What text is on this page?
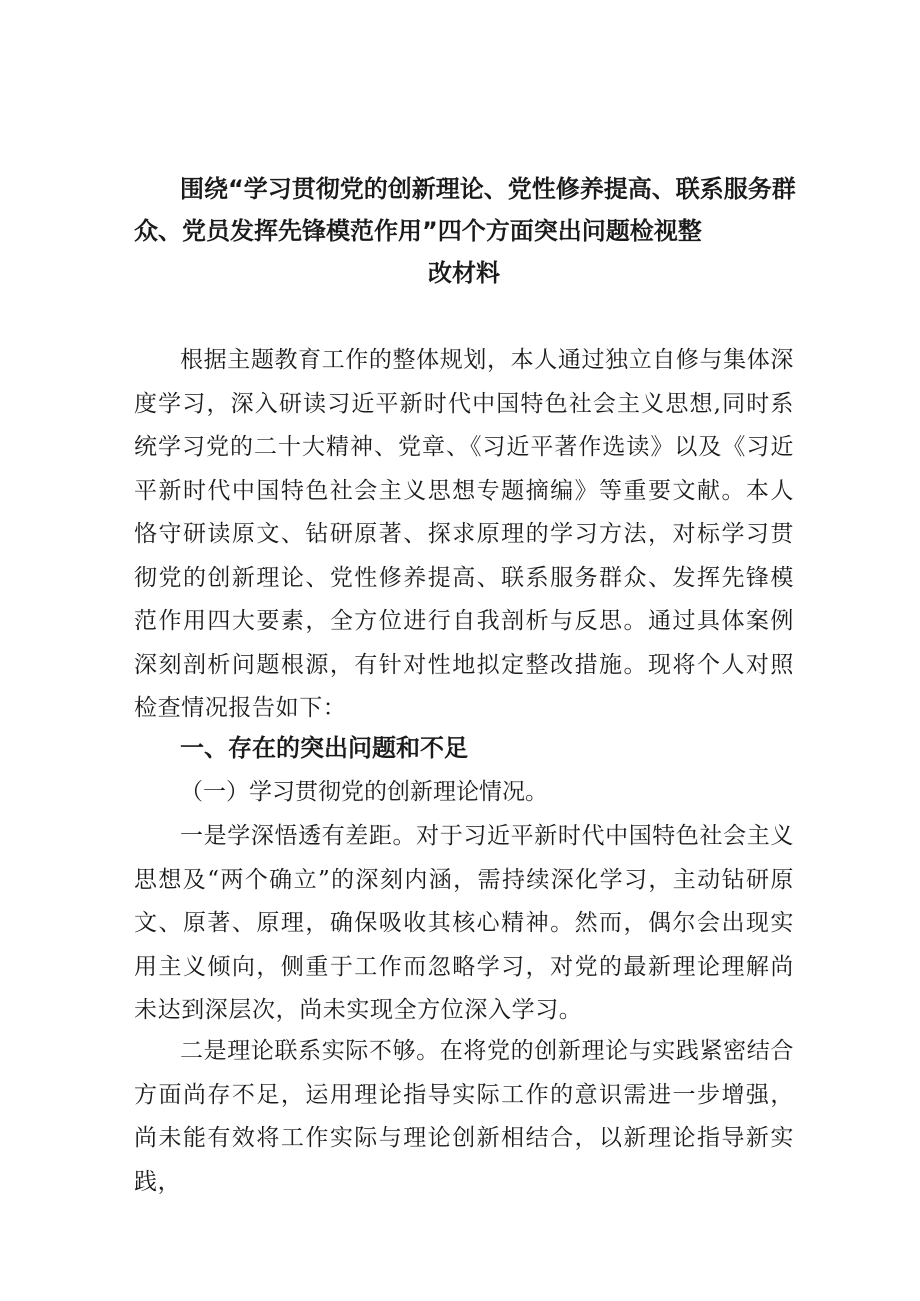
围绕“学习贯彻党的创新理论、党性修养提高、联系服务群
众、党员发挥先锋模范作用”四个方面突出问题检视整
改材料

根据主题教育工作的整体规划，本人通过独立自修与集体深度学习，深入研读习近平新时代中国特色社会主义思想,同时系统学习党的二十大精神、党章、《习近平著作选读》以及《习近平新时代中国特色社会主义思想专题摘编》等重要文献。本人恪守研读原文、钻研原著、探求原理的学习方法，对标学习贯彻党的创新理论、党性修养提高、联系服务群众、发挥先锋模范作用四大要素，全方位进行自我剖析与反思。通过具体案例深刻剖析问题根源，有针对性地拟定整改措施。现将个人对照检查情况报告如下：

一、存在的突出问题和不足
（一）学习贯彻党的创新理论情况。

一是学深悟透有差距。对于习近平新时代中国特色社会主义思想及“两个确立”的深刻内涵，需持续深化学习，主动钻研原文、原著、原理，确保吸收其核心精神。然而，偶尔会出现实用主义倾向，侧重于工作而忽略学习，对党的最新理论理解尚未达到深层次，尚未实现全方位深入学习。

二是理论联系实际不够。在将党的创新理论与实践紧密结合方面尚存不足，运用理论指导实际工作的意识需进一步增强，尚未能有效将工作实际与理论创新相结合，以新理论指导新实践，
